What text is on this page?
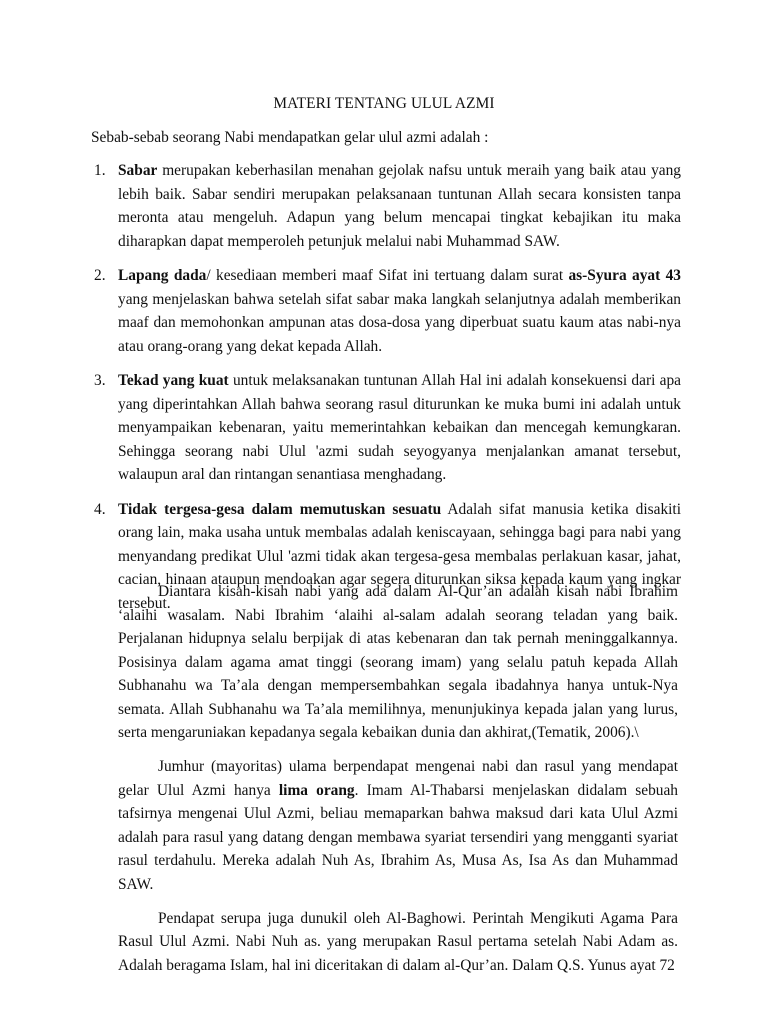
MATERI TENTANG ULUL AZMI
Sebab-sebab seorang Nabi mendapatkan gelar ulul azmi adalah :
1. Sabar merupakan keberhasilan menahan gejolak nafsu untuk meraih yang baik atau yang lebih baik. Sabar sendiri merupakan pelaksanaan tuntunan Allah secara konsisten tanpa meronta atau mengeluh. Adapun yang belum mencapai tingkat kebajikan itu maka diharapkan dapat memperoleh petunjuk melalui nabi Muhammad SAW.
2. Lapang dada/ kesediaan memberi maaf Sifat ini tertuang dalam surat as-Syura ayat 43 yang menjelaskan bahwa setelah sifat sabar maka langkah selanjutnya adalah memberikan maaf dan memohonkan ampunan atas dosa-dosa yang diperbuat suatu kaum atas nabi-nya atau orang-orang yang dekat kepada Allah.
3. Tekad yang kuat untuk melaksanakan tuntunan Allah Hal ini adalah konsekuensi dari apa yang diperintahkan Allah bahwa seorang rasul diturunkan ke muka bumi ini adalah untuk menyampaikan kebenaran, yaitu memerintahkan kebaikan dan mencegah kemungkaran. Sehingga seorang nabi Ulul 'azmi sudah seyogyanya menjalankan amanat tersebut, walaupun aral dan rintangan senantiasa menghadang.
4. Tidak tergesa-gesa dalam memutuskan sesuatu Adalah sifat manusia ketika disakiti orang lain, maka usaha untuk membalas adalah keniscayaan, sehingga bagi para nabi yang menyandang predikat Ulul 'azmi tidak akan tergesa-gesa membalas perlakuan kasar, jahat, cacian, hinaan ataupun mendoakan agar segera diturunkan siksa kepada kaum yang ingkar tersebut.

Diantara kisah-kisah nabi yang ada dalam Al-Qur’an adalah kisah nabi Ibrahim ‘alaihi wasalam. Nabi Ibrahim ‘alaihi al-salam adalah seorang teladan yang baik. Perjalanan hidupnya selalu berpijak di atas kebenaran dan tak pernah meninggalkannya. Posisinya dalam agama amat tinggi (seorang imam) yang selalu patuh kepada Allah Subhanahu wa Ta’ala dengan mempersembahkan segala ibadahnya hanya untuk-Nya semata. Allah Subhanahu wa Ta’ala memilihnya, menunjukinya kepada jalan yang lurus, serta mengaruniakan kepadanya segala kebaikan dunia dan akhirat,(Tematik, 2006).\

Jumhur (mayoritas) ulama berpendapat mengenai nabi dan rasul yang mendapat gelar Ulul Azmi hanya lima orang. Imam Al-Thabarsi menjelaskan didalam sebuah tafsirnya mengenai Ulul Azmi, beliau memaparkan bahwa maksud dari kata Ulul Azmi adalah para rasul yang datang dengan membawa syariat tersendiri yang mengganti syariat rasul terdahulu. Mereka adalah Nuh As, Ibrahim As, Musa As, Isa As dan Muhammad SAW.

Pendapat serupa juga dunukil oleh Al-Baghowi. Perintah Mengikuti Agama Para Rasul Ulul Azmi. Nabi Nuh as. yang merupakan Rasul pertama setelah Nabi Adam as. Adalah beragama Islam, hal ini diceritakan di dalam al-Qur’an. Dalam Q.S. Yunus ayat 72
